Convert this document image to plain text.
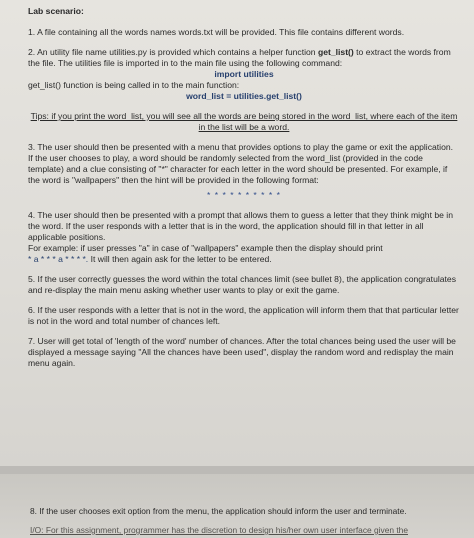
Lab scenario:

1. A file containing all the words names words.txt will be provided. This file contains different words.

2. An utility file name utilities.py is provided which contains a helper function get_list() to extract the words from the file. The utilities file is imported in to the main file using the following command:

import utilities

get_list() function is being called in to the main function:

word_list = utilities.get_list()

Tips: if you print the word_list, you will see all the words are being stored in the word_list, where each of the item in the list will be a word.

3. The user should then be presented with a menu that provides options to play the game or exit the application. If the user chooses to play, a word should be randomly selected from the word_list (provided in the code template) and a clue consisting of "*" character for each letter in the word should be presented. For example, if the word is "wallpapers" then the hint will be provided in the following format:

* * * * * * * * * *

4. The user should then be presented with a prompt that allows them to guess a letter that they think might be in the word. If the user responds with a letter that is in the word, the application should fill in that letter in all applicable positions.

For example: if user presses "a" in case of "wallpapers" example then the display should print

* a * * * a * * * *. It will then again ask for the letter to be entered.

5. If the user correctly guesses the word within the total chances limit (see bullet 8), the application congratulates and re-display the main menu asking whether user wants to play or exit the game.

6. If the user responds with a letter that is not in the word, the application will inform them that that particular letter is not in the word and total number of chances left.

7. User will get total of 'length of the word' number of chances. After the total chances being used the user will be displayed a message saying "All the chances have been used", display the random word and redisplay the main menu again.

8. If the user chooses exit option from the menu, the application should inform the user and terminate.

I/O: For this assignment, programmer has the discretion to design his/her own user interface given the
